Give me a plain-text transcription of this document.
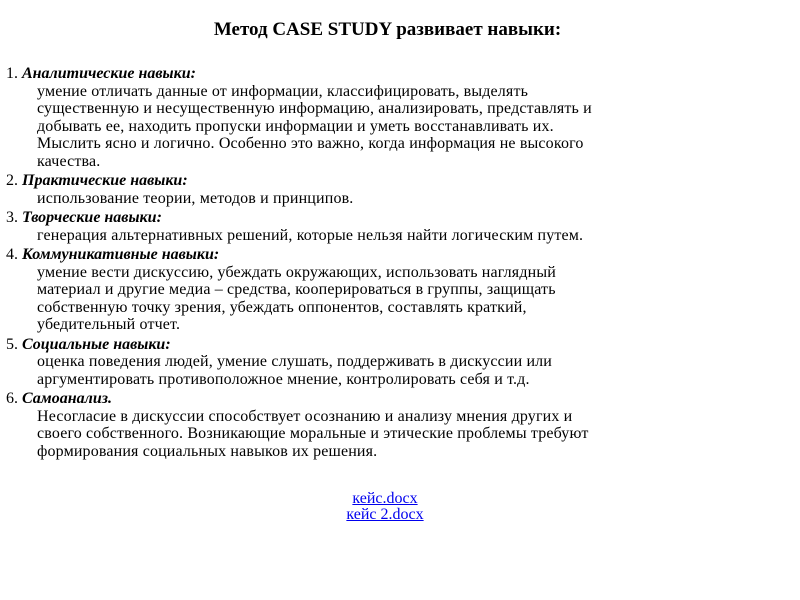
Метод CASE STUDY развивает навыки:
1. Аналитические навыки:
умение отличать данные от информации, классифицировать, выделять
существенную и несущественную информацию, анализировать, представлять и
добывать ее, находить пропуски информации и уметь восстанавливать их.
Мыслить ясно и логично. Особенно это важно, когда информация не высокого
качества.
2. Практические навыки:
использование теории, методов и принципов.
3. Творческие навыки:
генерация альтернативных решений, которые нельзя найти логическим путем.
4. Коммуникативные навыки:
умение вести дискуссию, убеждать окружающих, использовать наглядный
материал и другие медиа – средства, кооперироваться в группы, защищать
собственную точку зрения, убеждать оппонентов, составлять краткий,
убедительный отчет.
5. Социальные навыки:
оценка поведения людей, умение слушать, поддерживать в дискуссии или
аргументировать противоположное мнение, контролировать себя и т.д.
6. Самоанализ.
Несогласие в дискуссии способствует осознанию и анализу мнения других и
своего собственного. Возникающие моральные и этические проблемы требуют
формирования социальных навыков их решения.
кейс.docx
кейс 2.docx
